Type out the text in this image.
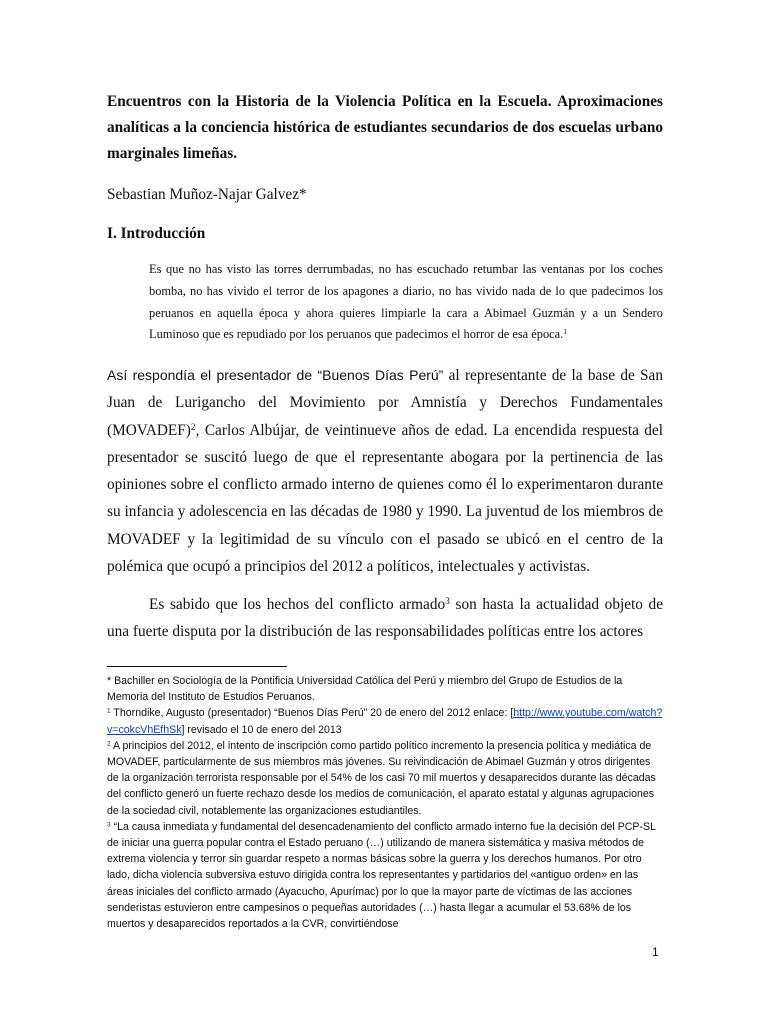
Encuentros con la Historia de la Violencia Política en la Escuela. Aproximaciones analíticas a la conciencia histórica de estudiantes secundarios de dos escuelas urbano marginales limeñas.

Sebastian Muñoz-Najar Galvez*

I. Introducción

Es que no has visto las torres derrumbadas, no has escuchado retumbar las ventanas por los coches bomba, no has vivido el terror de los apagones a diario, no has vivido nada de lo que padecimos los peruanos en aquella época y ahora quieres limpiarle la cara a Abimael Guzmán y a un Sendero Luminoso que es repudiado por los peruanos que padecimos el horror de esa época.$^1$

Así respondía el presentador de “Buenos Días Perú” al representante de la base de San Juan de Lurigancho del Movimiento por Amnistía y Derechos Fundamentales (MOVADEF)$^2$, Carlos Albújar, de veintinueve años de edad. La encendida respuesta del presentador se suscitó luego de que el representante abogara por la pertinencia de las opiniones sobre el conflicto armado interno de quienes como él lo experimentaron durante su infancia y adolescencia en las décadas de 1980 y 1990. La juventud de los miembros de MOVADEF y la legitimidad de su vínculo con el pasado se ubicó en el centro de la polémica que ocupó a principios del 2012 a políticos, intelectuales y activistas.

Es sabido que los hechos del conflicto armado$^3$ son hasta la actualidad objeto de una fuerte disputa por la distribución de las responsabilidades políticas entre los actores

* Bachiller en Sociología de la Pontificia Universidad Católica del Perú y miembro del Grupo de Estudios de la Memoria del Instituto de Estudios Peruanos.

$^1$ Thorndike, Augusto (presentador) “Buenos Días Perú” 20 de enero del 2012 enlace: [http://www.youtube.com/watch?v=cokcVhEfhSk] revisado el 10 de enero del 2013

$^2$ A principios del 2012, el intento de inscripción como partido político incremento la presencia política y mediática de MOVADEF, particularmente de sus miembros más jóvenes. Su reivindicación de Abimael Guzmán y otros dirigentes de la organización terrorista responsable por el 54% de los casi 70 mil muertos y desaparecidos durante las décadas del conflicto generó un fuerte rechazo desde los medios de comunicación, el aparato estatal y algunas agrupaciones de la sociedad civil, notablemente las organizaciones estudiantiles.

$^3$ “La causa inmediata y fundamental del desencadenamiento del conflicto armado interno fue la decisión del PCP-SL de iniciar una guerra popular contra el Estado peruano (…) utilizando de manera sistemática y masiva métodos de extrema violencia y terror sin guardar respeto a normas básicas sobre la guerra y los derechos humanos. Por otro lado, dicha violencia subversiva estuvo dirigida contra los representantes y partidarios del «antiguo orden» en las áreas iniciales del conflicto armado (Ayacucho, Apurímac) por lo que la mayor parte de víctimas de las acciones senderistas estuvieron entre campesinos o pequeñas autoridades (…) hasta llegar a acumular el 53.68% de los muertos y desaparecidos reportados a la CVR, convirtiéndose

1
